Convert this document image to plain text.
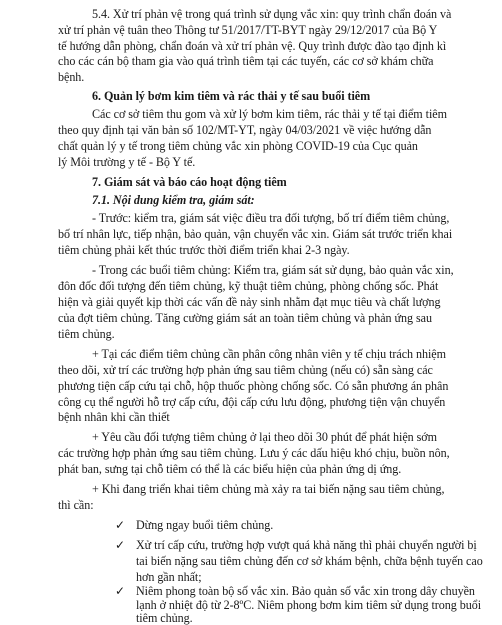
5.4. Xử trí phản vệ trong quá trình sử dụng vắc xin: quy trình chẩn đoán và
xử trí phản vệ tuân theo Thông tư 51/2017/TT-BYT ngày 29/12/2017 của Bộ Y
tế hướng dẫn phòng, chẩn đoán và xử trí phản vệ. Quy trình được đào tạo định kì
cho các cán bộ tham gia vào quá trình tiêm tại các tuyến, các cơ sở khám chữa
bệnh.
6. Quản lý bơm kim tiêm và rác thải y tế sau buổi tiêm
Các cơ sở tiêm thu gom và xử lý bơm kim tiêm, rác thải y tế tại điểm tiêm
theo quy định tại văn bản số 102/MT-YT, ngày 04/03/2021 về việc hướng dẫn
chất quản lý y tế trong tiêm chủng vắc xin phòng COVID-19 của Cục quản
lý Môi trường y tế - Bộ Y tế.
7. Giám sát và báo cáo hoạt động tiêm
7.1. Nội dung kiểm tra, giám sát:
- Trước: kiểm tra, giám sát việc điều tra đối tượng, bố trí điểm tiêm chủng,
bố trí nhân lực, tiếp nhận, bảo quản, vận chuyển vắc xin. Giám sát trước triển khai
tiêm chủng phải kết thúc trước thời điểm triển khai 2-3 ngày.
- Trong các buổi tiêm chủng: Kiểm tra, giám sát sử dụng, bảo quản vắc xin,
đôn đốc đối tượng đến tiêm chủng, kỹ thuật tiêm chủng, phòng chống sốc. Phát
hiện và giải quyết kịp thời các vấn đề nảy sinh nhằm đạt mục tiêu và chất lượng
của đợt tiêm chủng. Tăng cường giám sát an toàn tiêm chủng và phản ứng sau
tiêm chủng.
+ Tại các điểm tiêm chủng cần phân công nhân viên y tế chịu trách nhiệm
theo dõi, xử trí các trường hợp phản ứng sau tiêm chủng (nếu có) sẵn sàng các
phương tiện cấp cứu tại chỗ, hộp thuốc phòng chống sốc. Có sẵn phương án phân
công cụ thể người hỗ trợ cấp cứu, đội cấp cứu lưu động, phương tiện vận chuyển
bệnh nhân khi cần thiết
+ Yêu cầu đối tượng tiêm chủng ở lại theo dõi 30 phút để phát hiện sớm
các trường hợp phản ứng sau tiêm chủng. Lưu ý các dấu hiệu khó chịu, buồn nôn,
phát ban, sưng tại chỗ tiêm có thể là các biểu hiện của phản ứng dị ứng.
+ Khi đang triển khai tiêm chủng mà xảy ra tai biến nặng sau tiêm chủng,
thì cần:
✓ Dừng ngay buổi tiêm chủng.
✓ Xử trí cấp cứu, trường hợp vượt quá khả năng thì phải chuyển người bị
tai biến nặng sau tiêm chủng đến cơ sở khám bệnh, chữa bệnh tuyến cao
hơn gần nhất;
✓ Niêm phong toàn bộ số vắc xin. Bảo quản số vắc xin trong dây chuyền
lạnh ở nhiệt độ từ 2-8ºC. Niêm phong bơm kim tiêm sử dụng trong buổi
tiêm chủng.
